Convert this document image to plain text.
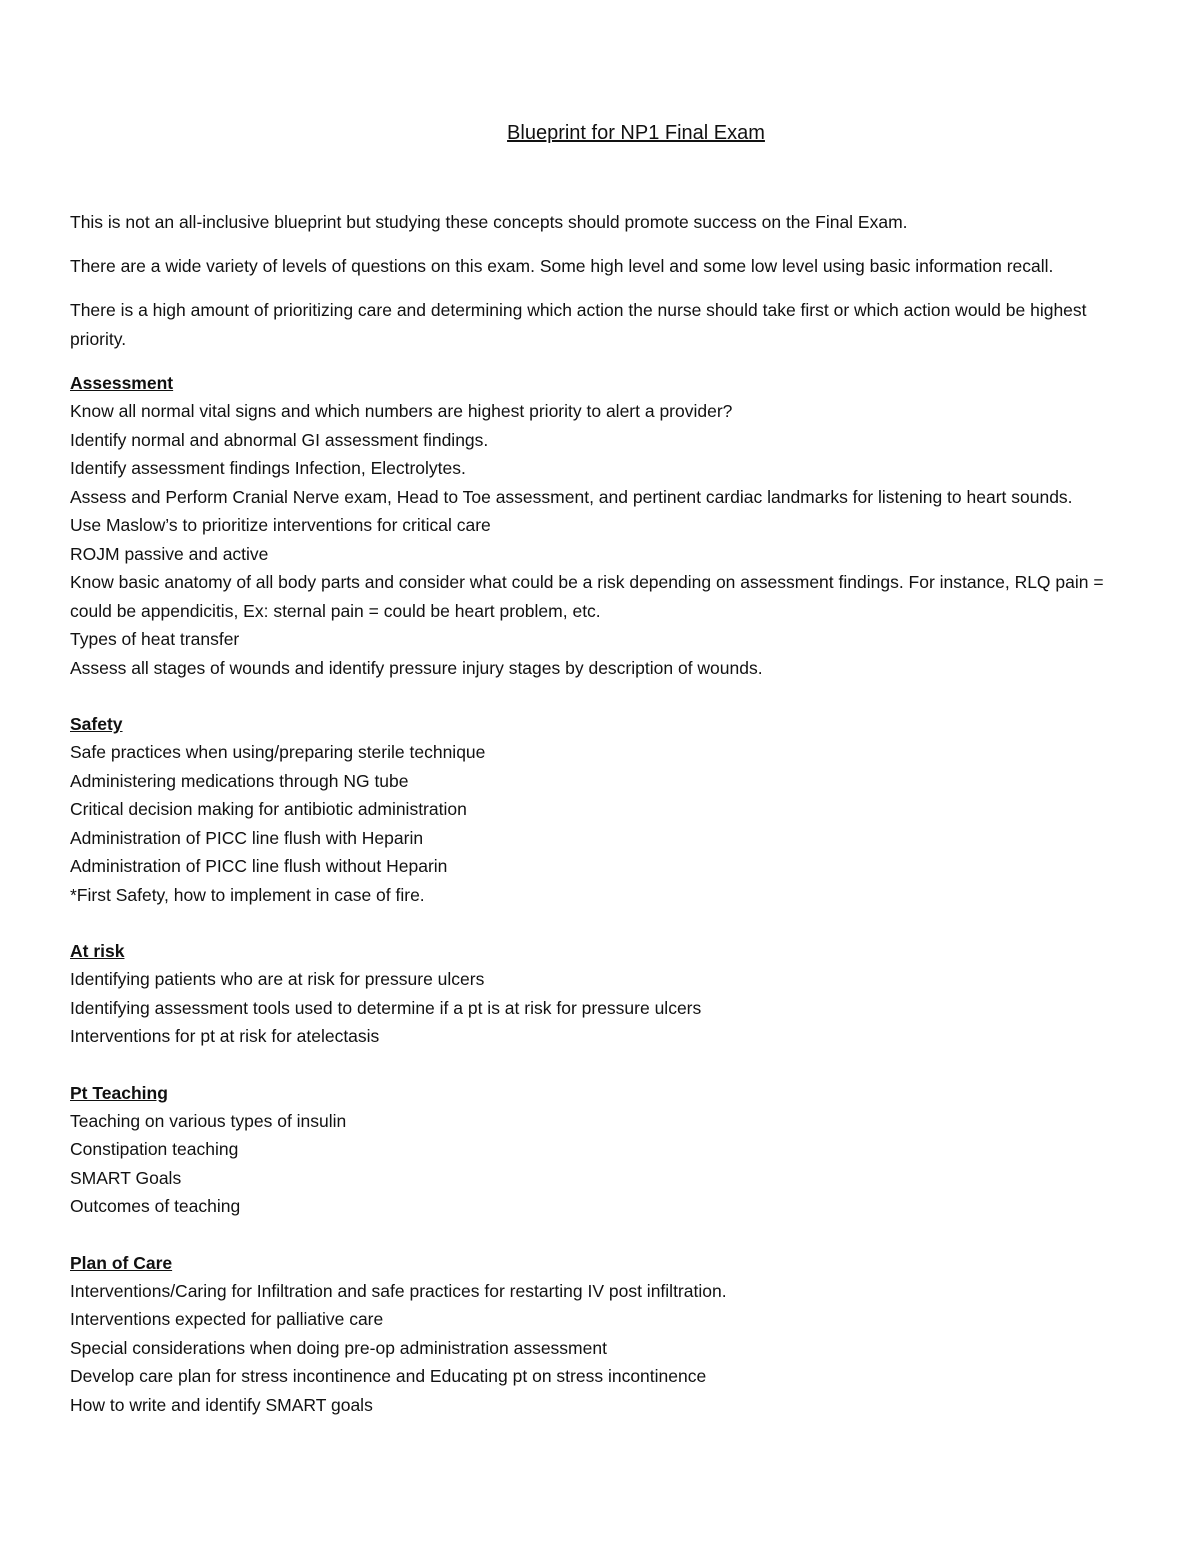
Blueprint for NP1 Final Exam

This is not an all-inclusive blueprint but studying these concepts should promote success on the Final Exam.

There are a wide variety of levels of questions on this exam. Some high level and some low level using basic information recall.

There is a high amount of prioritizing care and determining which action the nurse should take first or which action would be highest priority.

Assessment
Know all normal vital signs and which numbers are highest priority to alert a provider?
Identify normal and abnormal GI assessment findings.
Identify assessment findings Infection, Electrolytes.
Assess and Perform Cranial Nerve exam, Head to Toe assessment, and pertinent cardiac landmarks for listening to heart sounds.
Use Maslow’s to prioritize interventions for critical care
ROJM passive and active
Know basic anatomy of all body parts and consider what could be a risk depending on assessment findings. For instance, RLQ pain = could be appendicitis, Ex: sternal pain = could be heart problem, etc.
Types of heat transfer
Assess all stages of wounds and identify pressure injury stages by description of wounds.
Safety
Safe practices when using/preparing sterile technique
Administering medications through NG tube
Critical decision making for antibiotic administration
Administration of PICC line flush with Heparin
Administration of PICC line flush without Heparin
*First Safety, how to implement in case of fire.
At risk
Identifying patients who are at risk for pressure ulcers
Identifying assessment tools used to determine if a pt is at risk for pressure ulcers
Interventions for pt at risk for atelectasis
Pt Teaching
Teaching on various types of insulin
Constipation teaching
SMART Goals
Outcomes of teaching
Plan of Care
Interventions/Caring for Infiltration and safe practices for restarting IV post infiltration.
Interventions expected for palliative care
Special considerations when doing pre-op administration assessment
Develop care plan for stress incontinence and Educating pt on stress incontinence
How to write and identify SMART goals
